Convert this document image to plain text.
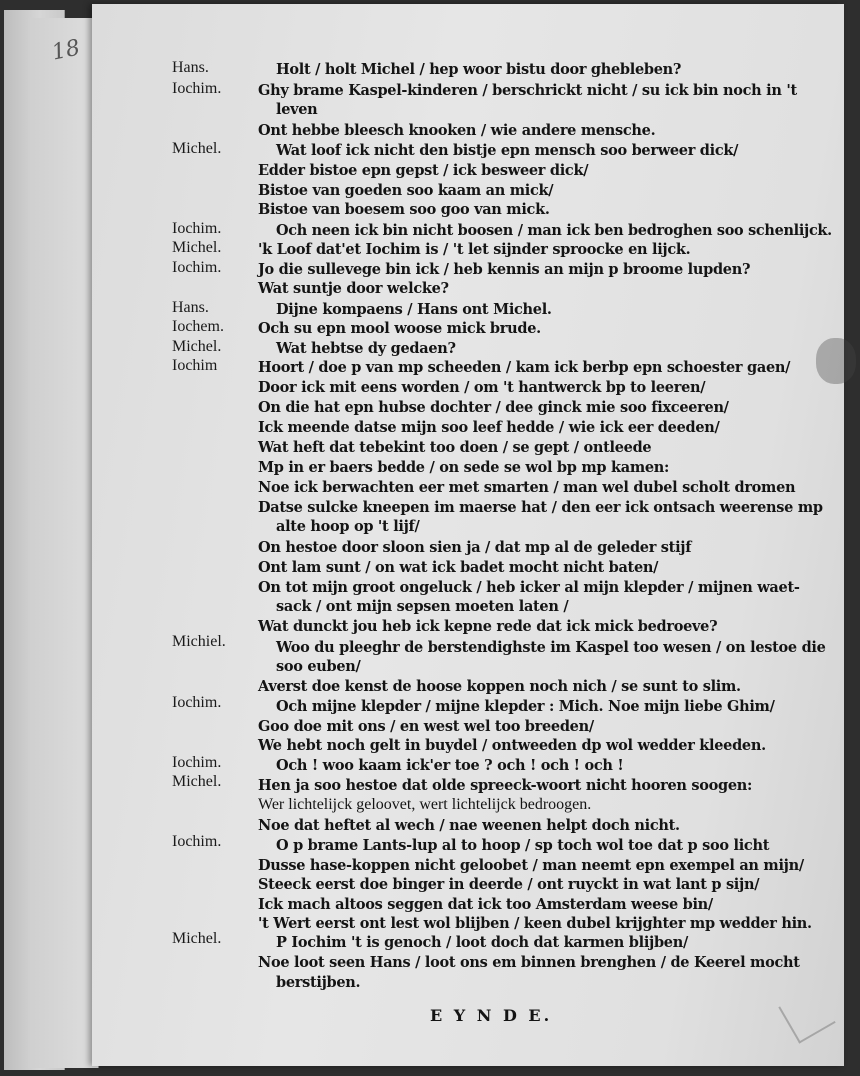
18
Hans.
Iochim.
Michel.
Iochim.
Michel.
Iochim.
Hans.
Iochem.
Michel.
Iochim
Michiel.
Iochim.
Iochim.
Michel.
Iochim.
Michel.
Holt / holt Michel / hep woor bistu door ghebleben?
Ghy brame Kaspel-kinderen / berschrickt nicht / su ick bin noch in 't
leven
Ont hebbe bleesch knooken / wie andere mensche.
Wat loof ick nicht den bistje epn mensch soo berweer dick/
Edder bistoe epn gepst / ick besweer dick/
Bistoe van goeden soo kaam an mick/
Bistoe van boesem soo goo van mick.
Och neen ick bin nicht boosen / man ick ben bedroghen soo schenlijck.
'k Loof dat'et Iochim is / 't let sijnder sproocke en lijck.
Jo die sullevege bin ick / heb kennis an mijn p broome lupden?
Wat suntje door welcke?
Dijne kompaens / Hans ont Michel.
Och su epn mool woose mick brude.
Wat hebtse dy gedaen?
Hoort / doe p van mp scheeden / kam ick berbp epn schoester gaen/
Door ick mit eens worden / om 't hantwerck bp to leeren/
On die hat epn hubse dochter / dee ginck mie soo fixceeren/
Ick meende datse mijn soo leef hedde / wie ick eer deeden/
Wat heft dat tebekint too doen / se gept / ontleede
Mp in er baers bedde / on sede se wol bp mp kamen:
Noe ick berwachten eer met smarten / man wel dubel scholt dromen
Datse sulcke kneepen im maerse hat / den eer ick ontsach weerense mp
alte hoop op 't lijf/
On hestoe door sloon sien ja / dat mp al de geleder stijf
Ont lam sunt / on wat ick badet mocht nicht baten/
On tot mijn groot ongeluck / heb icker al mijn klepder / mijnen waet-
sack / ont mijn sepsen moeten laten /
Wat dunckt jou heb ick kepne rede dat ick mick bedroeve?
Woo du pleeghr de berstendighste im Kaspel too wesen / on lestoe die
soo euben/
Averst doe kenst de hoose koppen noch nich / se sunt to slim.
Och mijne klepder / mijne klepder : Mich. Noe mijn liebe Ghim/
Goo doe mit ons / en west wel too breeden/
We hebt noch gelt in buydel / ontweeden dp wol wedder kleeden.
Och ! woo kaam ick'er toe ? och ! och ! och !
Hen ja soo hestoe dat olde spreeck-woort nicht hooren soogen:
Wer lichtelijck geloovet, wert lichtelijck bedroogen.
Noe dat heftet al wech / nae weenen helpt doch nicht.
O p brame Lants-lup al to hoop / sp toch wol toe dat p soo licht
Dusse hase-koppen nicht geloobet / man neemt epn exempel an mijn/
Steeck eerst doe binger in deerde / ont ruyckt in wat lant p sijn/
Ick mach altoos seggen dat ick too Amsterdam weese bin/
't Wert eerst ont lest wol blijben / keen dubel krijghter mp wedder hin.
P Iochim 't is genoch / loot doch dat karmen blijben/
Noe loot seen Hans / loot ons em binnen brenghen / de Keerel mocht
berstijben.
E Y N D E.
